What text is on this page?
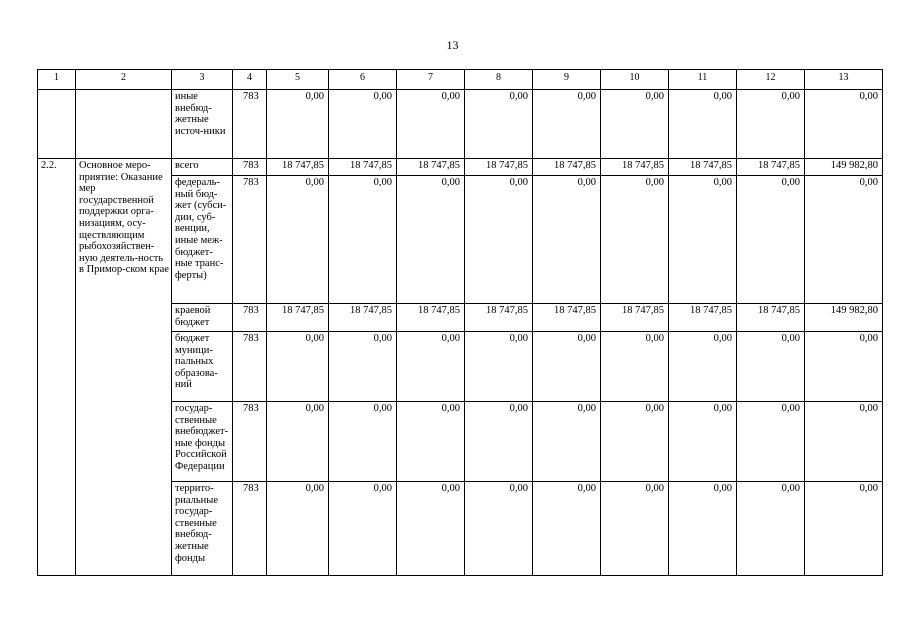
13
1	2	3	4	5	6	7	8	9	10	11	12	13
		иные внебюд-жетные источ-ники	783	0,00	0,00	0,00	0,00	0,00	0,00	0,00	0,00	0,00
2.2.	Основное меро-приятие: Оказание мер государственной поддержки орга-низациям, осу-ществляющим рыбохозяйствен-ную деятель-ность в Примор-ском крае	всего	783	18 747,85	18 747,85	18 747,85	18 747,85	18 747,85	18 747,85	18 747,85	18 747,85	149 982,80
		федераль-ный бюд-жет (субси-дии, суб-венции, иные меж-бюджет-ные транс-ферты)	783	0,00	0,00	0,00	0,00	0,00	0,00	0,00	0,00	0,00
		краевой бюджет	783	18 747,85	18 747,85	18 747,85	18 747,85	18 747,85	18 747,85	18 747,85	18 747,85	149 982,80
		бюджет муници-пальных образова-ний	783	0,00	0,00	0,00	0,00	0,00	0,00	0,00	0,00	0,00
		государ-ственные внебюджет-ные фонды Российской Федерации	783	0,00	0,00	0,00	0,00	0,00	0,00	0,00	0,00	0,00
		террито-риальные государ-ственные внебюд-жетные фонды	783	0,00	0,00	0,00	0,00	0,00	0,00	0,00	0,00	0,00
